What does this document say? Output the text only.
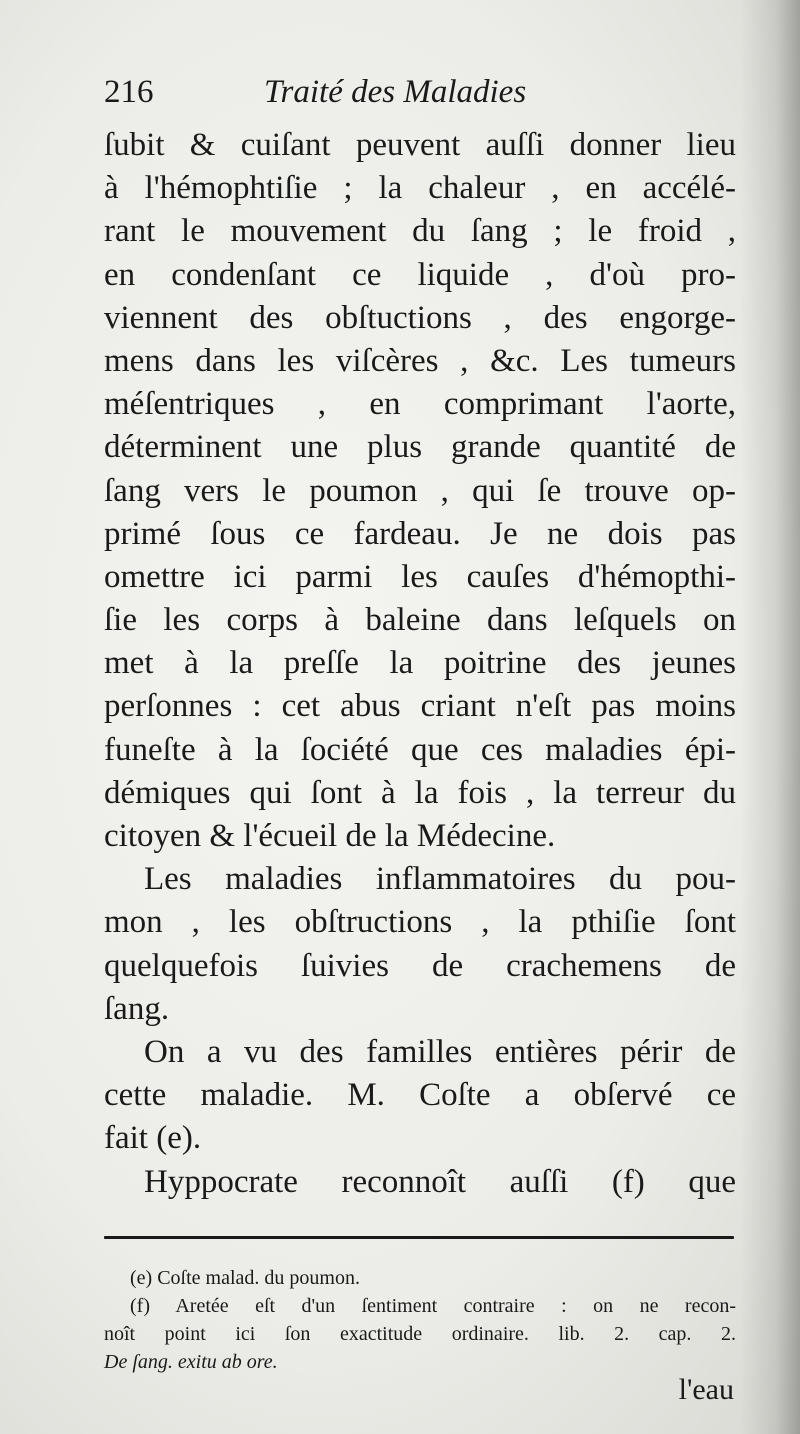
216	Traité des Maladies
ſubit & cuiſant peuvent auſſi donner lieu
à l'hémophtiſie ; la chaleur , en accélé-
rant le mouvement du ſang ; le froid ,
en condenſant ce liquide , d'où pro-
viennent des obſtuctions , des engorge-
mens dans les viſcères , &c. Les tumeurs
méſentriques , en comprimant l'aorte,
déterminent une plus grande quantité de
ſang vers le poumon , qui ſe trouve op-
primé ſous ce fardeau. Je ne dois pas
omettre ici parmi les cauſes d'hémopthi-
ſie les corps à baleine dans leſquels on
met à la preſſe la poitrine des jeunes
perſonnes : cet abus criant n'eſt pas moins
funeſte à la ſociété que ces maladies épi-
démiques qui ſont à la fois , la terreur du
citoyen & l'écueil de la Médecine.
Les maladies inflammatoires du pou-
mon , les obſtructions , la pthiſie ſont
quelquefois ſuivies de crachemens de
ſang.
On a vu des familles entières périr de
cette maladie. M. Coſte a obſervé ce
fait (e).
Hyppocrate reconnoît auſſi (f) que
(e) Coſte malad. du poumon.
(f) Aretée eſt d'un ſentiment contraire : on ne recon-
noît point ici ſon exactitude ordinaire. lib. 2. cap. 2.
De ſang. exitu ab ore.
l'eau
